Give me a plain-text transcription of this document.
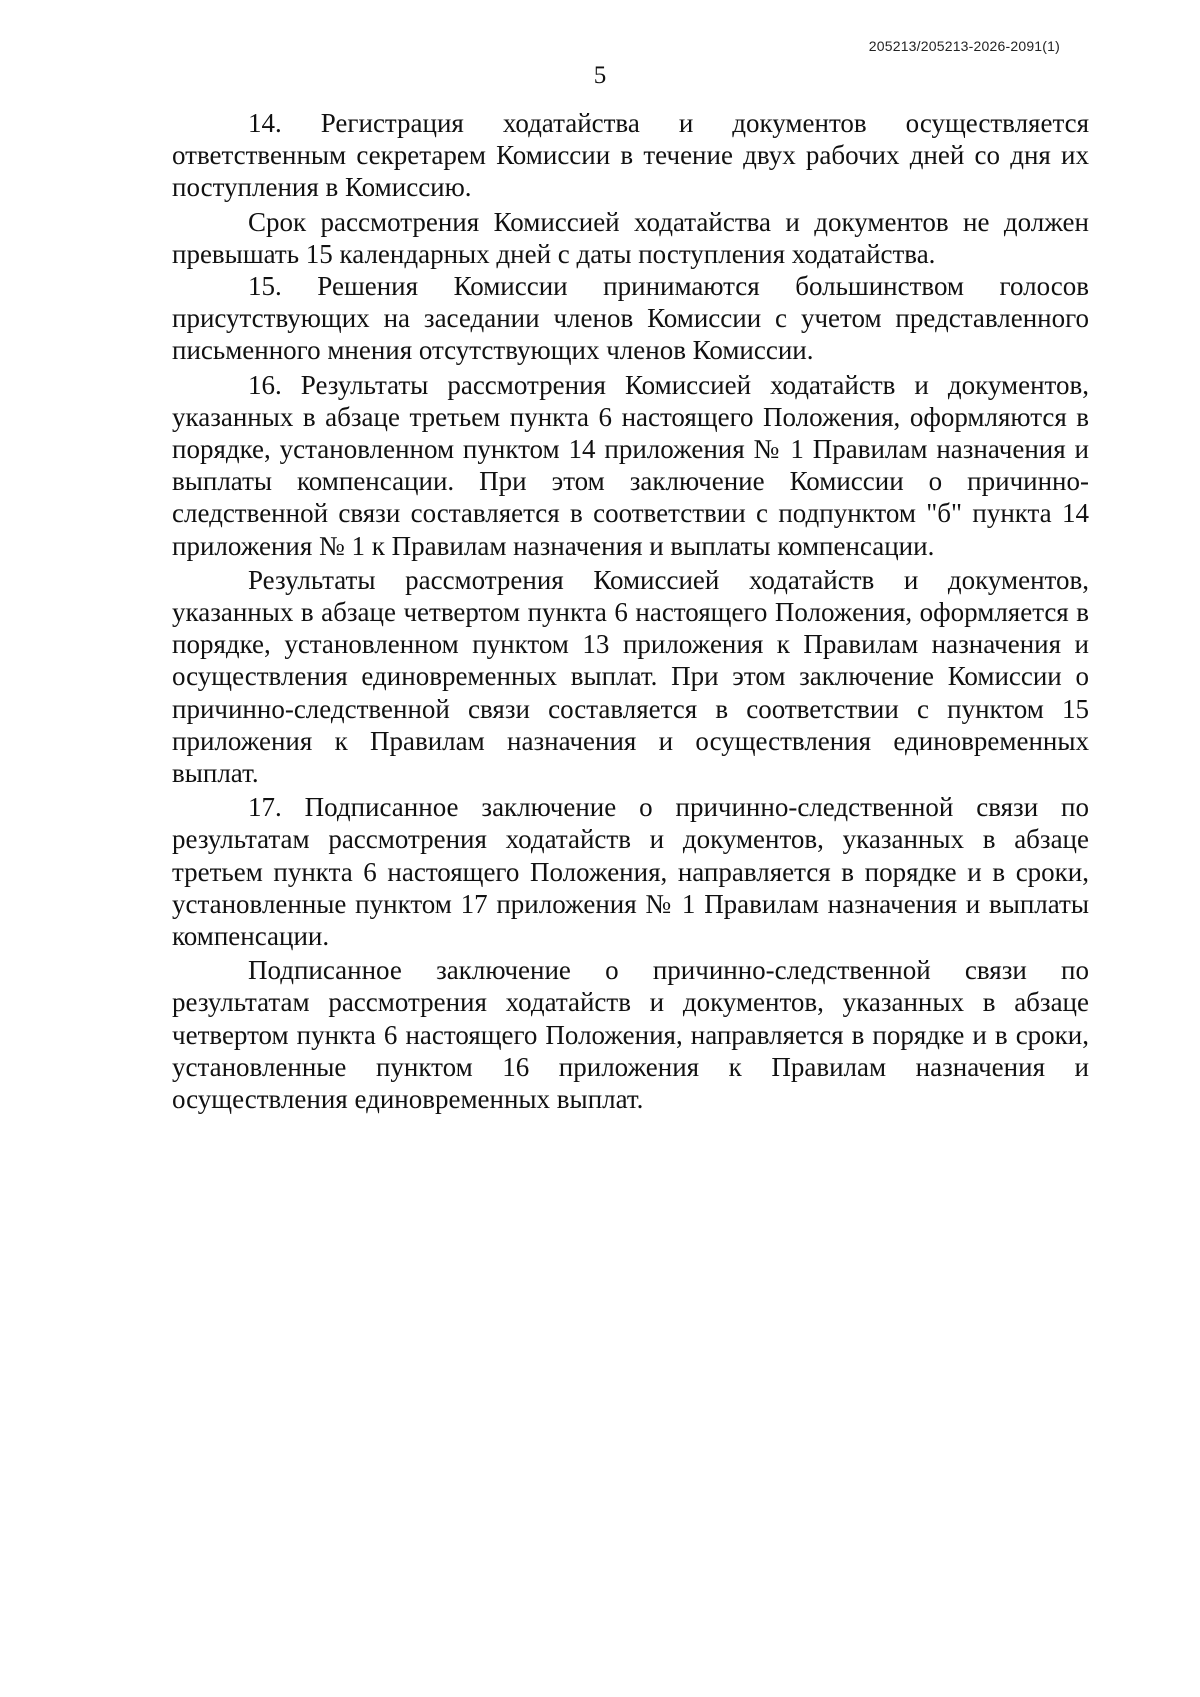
205213/205213-2026-2091(1)
5

14. Регистрация ходатайства и документов осуществляется ответственным секретарем Комиссии в течение двух рабочих дней со дня их поступления в Комиссию.

Срок рассмотрения Комиссией ходатайства и документов не должен превышать 15 календарных дней с даты поступления ходатайства.

15. Решения Комиссии принимаются большинством голосов присутствующих на заседании членов Комиссии с учетом представленного письменного мнения отсутствующих членов Комиссии.

16. Результаты рассмотрения Комиссией ходатайств и документов, указанных в абзаце третьем пункта 6 настоящего Положения, оформляются в порядке, установленном пунктом 14 приложения № 1 Правилам назначения и выплаты компенсации. При этом заключение Комиссии о причинно-следственной связи составляется в соответствии с подпунктом "б" пункта 14 приложения № 1 к Правилам назначения и выплаты компенсации.

Результаты рассмотрения Комиссией ходатайств и документов, указанных в абзаце четвертом пункта 6 настоящего Положения, оформляется в порядке, установленном пунктом 13 приложения к Правилам назначения и осуществления единовременных выплат. При этом заключение Комиссии о причинно-следственной связи составляется в соответствии с пунктом 15 приложения к Правилам назначения и осуществления единовременных выплат.

17. Подписанное заключение о причинно-следственной связи по результатам рассмотрения ходатайств и документов, указанных в абзаце третьем пункта 6 настоящего Положения, направляется в порядке и в сроки, установленные пунктом 17 приложения № 1 Правилам назначения и выплаты компенсации.

Подписанное заключение о причинно-следственной связи по результатам рассмотрения ходатайств и документов, указанных в абзаце четвертом пункта 6 настоящего Положения, направляется в порядке и в сроки, установленные пунктом 16 приложения к Правилам назначения и осуществления единовременных выплат.
